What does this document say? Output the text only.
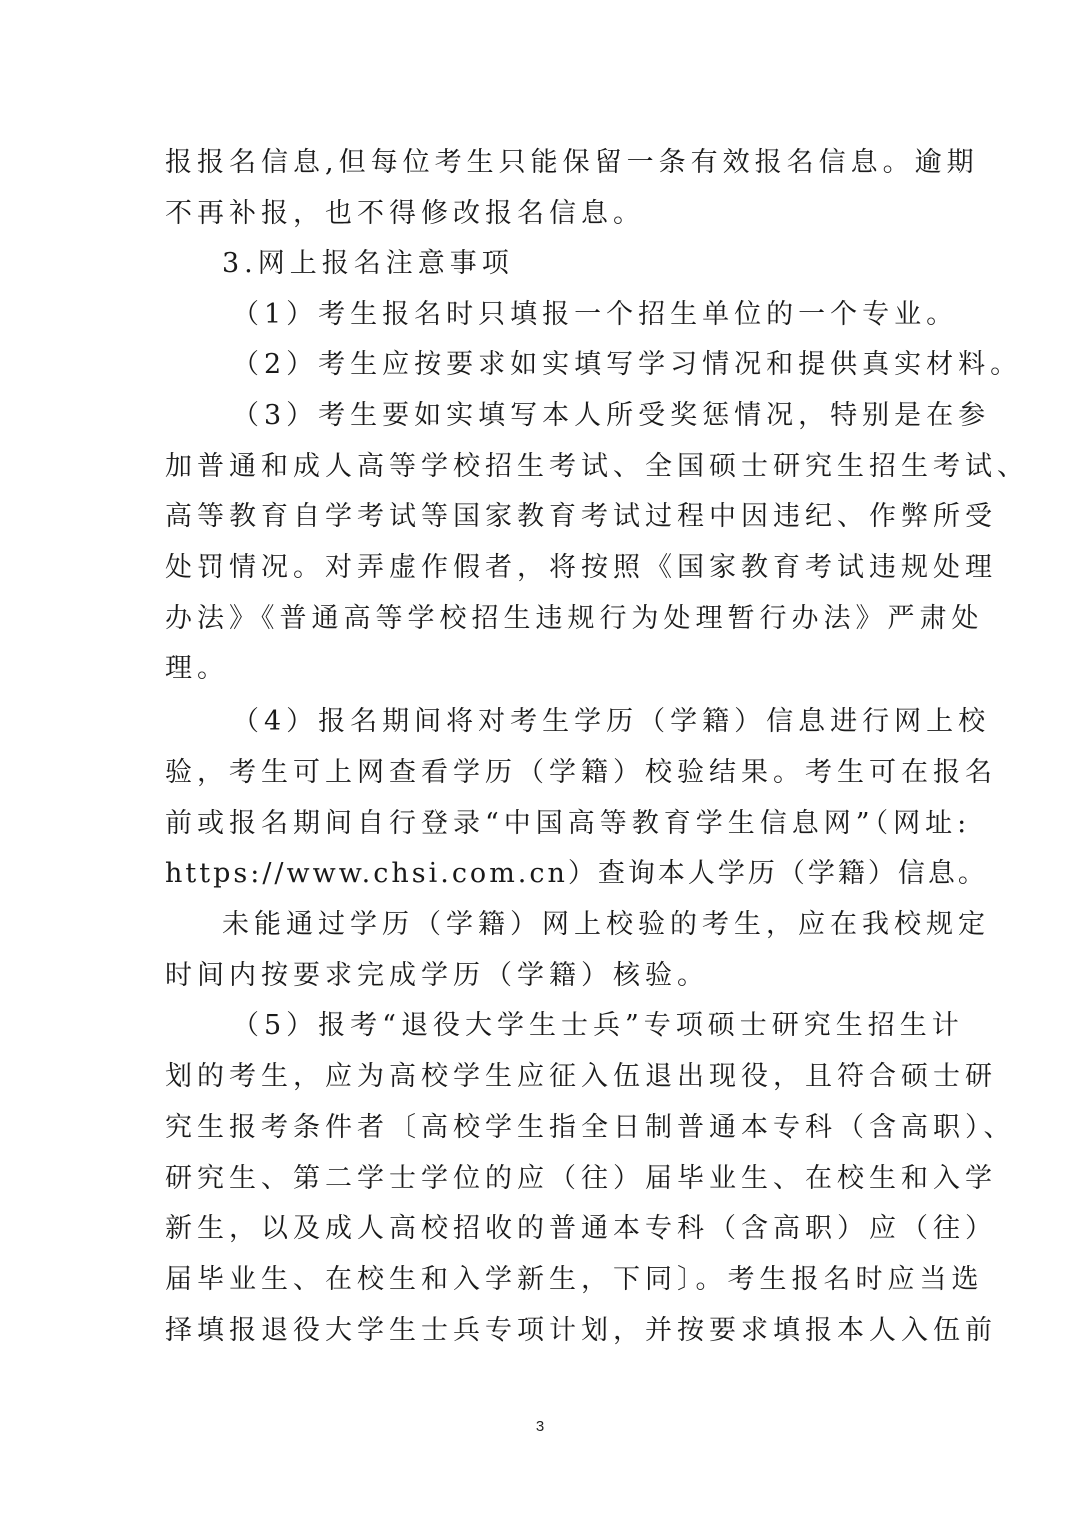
报报名信息,但每位考生只能保留一条有效报名信息。逾期
不再补报，也不得修改报名信息。
3.网上报名注意事项
（1）考生报名时只填报一个招生单位的一个专业。
（2）考生应按要求如实填写学习情况和提供真实材料。
（3）考生要如实填写本人所受奖惩情况，特别是在参
加普通和成人高等学校招生考试、全国硕士研究生招生考试、
高等教育自学考试等国家教育考试过程中因违纪、作弊所受
处罚情况。对弄虚作假者，将按照《国家教育考试违规处理
办法》《普通高等学校招生违规行为处理暂行办法》严肃处
理。
（4）报名期间将对考生学历（学籍）信息进行网上校
验，考生可上网查看学历（学籍）校验结果。考生可在报名
前或报名期间自行登录“中国高等教育学生信息网”（网址:
https://www.chsi.com.cn）查询本人学历（学籍）信息。
未能通过学历（学籍）网上校验的考生，应在我校规定
时间内按要求完成学历（学籍）核验。
（5）报考“退役大学生士兵”专项硕士研究生招生计
划的考生，应为高校学生应征入伍退出现役，且符合硕士研
究生报考条件者〔高校学生指全日制普通本专科（含高职）、
研究生、第二学士学位的应（往）届毕业生、在校生和入学
新生，以及成人高校招收的普通本专科（含高职）应（往）
届毕业生、在校生和入学新生，下同〕。考生报名时应当选
择填报退役大学生士兵专项计划，并按要求填报本人入伍前
3
